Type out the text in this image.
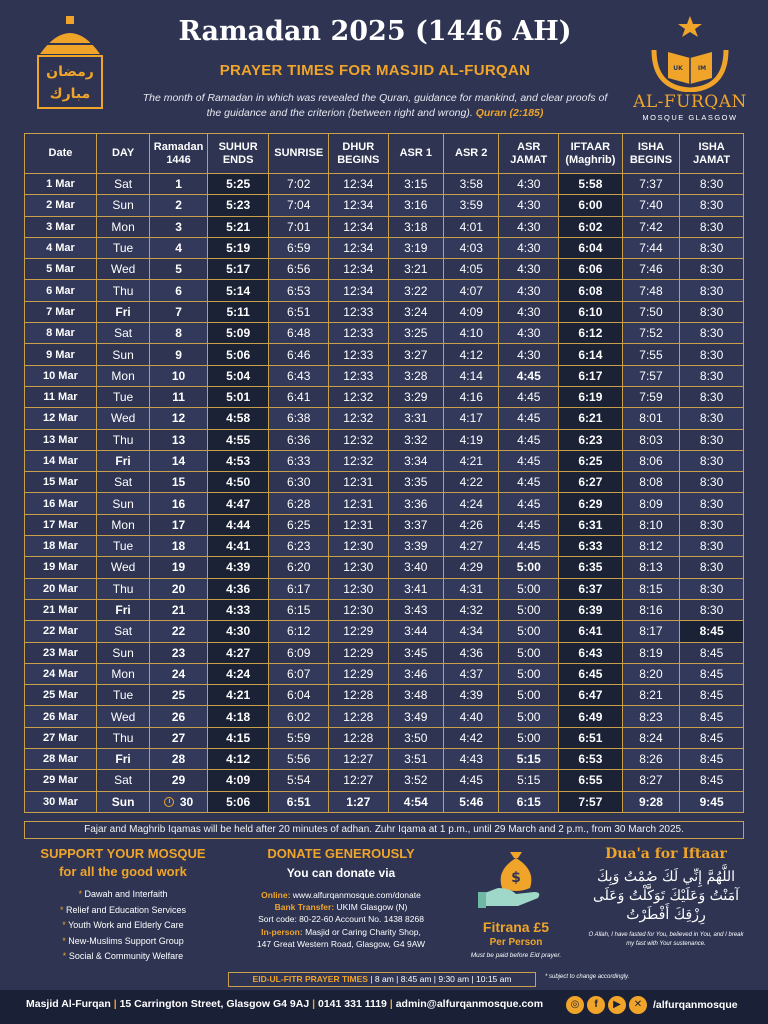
رمضان
مبارك
Ramadan 2025 (1446 AH)
PRAYER TIMES FOR MASJID AL-FURQAN
The month of Ramadan in which was revealed the Quran, guidance for mankind, and clear proofs of the guidance and the criterion (between right and wrong). Quran (2:185)
UK	IM
AL-FURQAN
MOSQUE GLASGOW
Date	DAY	Ramadan 1446	SUHUR ENDS	SUNRISE	DHUR BEGINS	ASR 1	ASR 2	ASR JAMAT	IFTAAR (Maghrib)	ISHA BEGINS	ISHA JAMAT
1 Mar	Sat	1	5:25	7:02	12:34	3:15	3:58	4:30	5:58	7:37	8:30
2 Mar	Sun	2	5:23	7:04	12:34	3:16	3:59	4:30	6:00	7:40	8:30
3 Mar	Mon	3	5:21	7:01	12:34	3:18	4:01	4:30	6:02	7:42	8:30
4 Mar	Tue	4	5:19	6:59	12:34	3:19	4:03	4:30	6:04	7:44	8:30
5 Mar	Wed	5	5:17	6:56	12:34	3:21	4:05	4:30	6:06	7:46	8:30
6 Mar	Thu	6	5:14	6:53	12:34	3:22	4:07	4:30	6:08	7:48	8:30
7 Mar	Fri	7	5:11	6:51	12:33	3:24	4:09	4:30	6:10	7:50	8:30
8 Mar	Sat	8	5:09	6:48	12:33	3:25	4:10	4:30	6:12	7:52	8:30
9 Mar	Sun	9	5:06	6:46	12:33	3:27	4:12	4:30	6:14	7:55	8:30
10 Mar	Mon	10	5:04	6:43	12:33	3:28	4:14	4:45	6:17	7:57	8:30
11 Mar	Tue	11	5:01	6:41	12:32	3:29	4:16	4:45	6:19	7:59	8:30
12 Mar	Wed	12	4:58	6:38	12:32	3:31	4:17	4:45	6:21	8:01	8:30
13 Mar	Thu	13	4:55	6:36	12:32	3:32	4:19	4:45	6:23	8:03	8:30
14 Mar	Fri	14	4:53	6:33	12:32	3:34	4:21	4:45	6:25	8:06	8:30
15 Mar	Sat	15	4:50	6:30	12:31	3:35	4:22	4:45	6:27	8:08	8:30
16 Mar	Sun	16	4:47	6:28	12:31	3:36	4:24	4:45	6:29	8:09	8:30
17 Mar	Mon	17	4:44	6:25	12:31	3:37	4:26	4:45	6:31	8:10	8:30
18 Mar	Tue	18	4:41	6:23	12:30	3:39	4:27	4:45	6:33	8:12	8:30
19 Mar	Wed	19	4:39	6:20	12:30	3:40	4:29	5:00	6:35	8:13	8:30
20 Mar	Thu	20	4:36	6:17	12:30	3:41	4:31	5:00	6:37	8:15	8:30
21 Mar	Fri	21	4:33	6:15	12:30	3:43	4:32	5:00	6:39	8:16	8:30
22 Mar	Sat	22	4:30	6:12	12:29	3:44	4:34	5:00	6:41	8:17	8:45
23 Mar	Sun	23	4:27	6:09	12:29	3:45	4:36	5:00	6:43	8:19	8:45
24 Mar	Mon	24	4:24	6:07	12:29	3:46	4:37	5:00	6:45	8:20	8:45
25 Mar	Tue	25	4:21	6:04	12:28	3:48	4:39	5:00	6:47	8:21	8:45
26 Mar	Wed	26	4:18	6:02	12:28	3:49	4:40	5:00	6:49	8:23	8:45
27 Mar	Thu	27	4:15	5:59	12:28	3:50	4:42	5:00	6:51	8:24	8:45
28 Mar	Fri	28	4:12	5:56	12:27	3:51	4:43	5:15	6:53	8:26	8:45
29 Mar	Sat	29	4:09	5:54	12:27	3:52	4:45	5:15	6:55	8:27	8:45
30 Mar	Sun	30	5:06	6:51	1:27	4:54	5:46	6:15	7:57	9:28	9:45
Fajar and Maghrib Iqamas will be held after 20 minutes of adhan. Zuhr Iqama at 1 p.m., until 29 March and 2 p.m., from 30 March 2025.
SUPPORT YOUR MOSQUE
for all the good work
* Dawah and Interfaith
* Relief and Education Services
* Youth Work and Elderly Care
* New-Muslims Support Group
* Social & Community Welfare
DONATE GENEROUSLY
You can donate via
Online: www.alfurqanmosque.com/donate
Bank Transfer: UKIM Glasgow (N)
Sort code: 80-22-60 Account No. 1438 8268
In-person: Masjid or Caring Charity Shop,
147 Great Western Road, Glasgow, G4 9AW
$
Fitrana £5
Per Person
Must be paid before Eid prayer.
Dua'a for Iftaar
اللَّهُمَّ إِنِّي لَكَ صُمْتُ وَبِكَ آمَنْتُ وَعَلَيْكَ تَوَكَّلْتُ وَعَلَى رِزْقِكَ أَفْطَرْتُ
O Allah, I have fasted for You, believed in You, and I break my fast with Your sustenance.
EID-UL-FITR PRAYER TIMES | 8 am | 8:45 am | 9:30 am | 10:15 am	* subject to change accordingly.
Masjid Al-Furqan | 15 Carrington Street, Glasgow G4 9AJ | 0141 331 1119 | admin@alfurqanmosque.com	◎ f ▶ ✕ /alfurqanmosque
